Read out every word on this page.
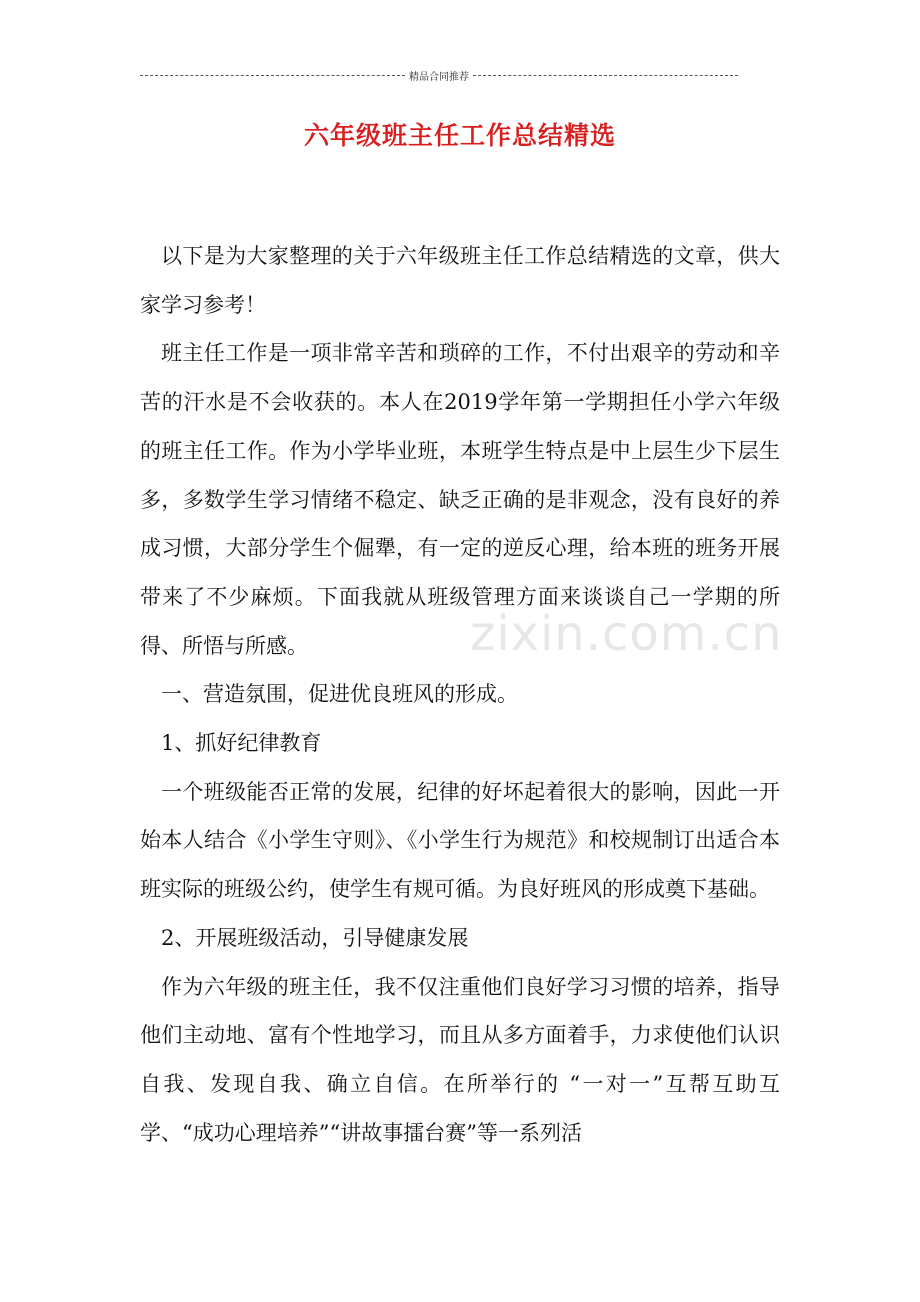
精品合同推荐
六年级班主任工作总结精选

以下是为大家整理的关于六年级班主任工作总结精选的文章，供大家学习参考！

班主任工作是一项非常辛苦和琐碎的工作，不付出艰辛的劳动和辛苦的汗水是不会收获的。本人在2019学年第一学期担任小学六年级的班主任工作。作为小学毕业班，本班学生特点是中上层生少下层生多，多数学生学习情绪不稳定、缺乏正确的是非观念，没有良好的养成习惯，大部分学生个倔犟，有一定的逆反心理，给本班的班务开展带来了不少麻烦。下面我就从班级管理方面来谈谈自己一学期的所得、所悟与所感。

一、营造氛围，促进优良班风的形成。

1、抓好纪律教育

一个班级能否正常的发展，纪律的好坏起着很大的影响，因此一开始本人结合《小学生守则》、《小学生行为规范》和校规制订出适合本班实际的班级公约，使学生有规可循。为良好班风的形成奠下基础。

2、开展班级活动，引导健康发展

作为六年级的班主任，我不仅注重他们良好学习习惯的培养，指导他们主动地、富有个性地学习，而且从多方面着手，力求使他们认识自我、发现自我、确立自信。在所举行的 “一对一”互帮互助互学、“成功心理培养”“讲故事擂台赛”等一系列活

zixin.com.cn
